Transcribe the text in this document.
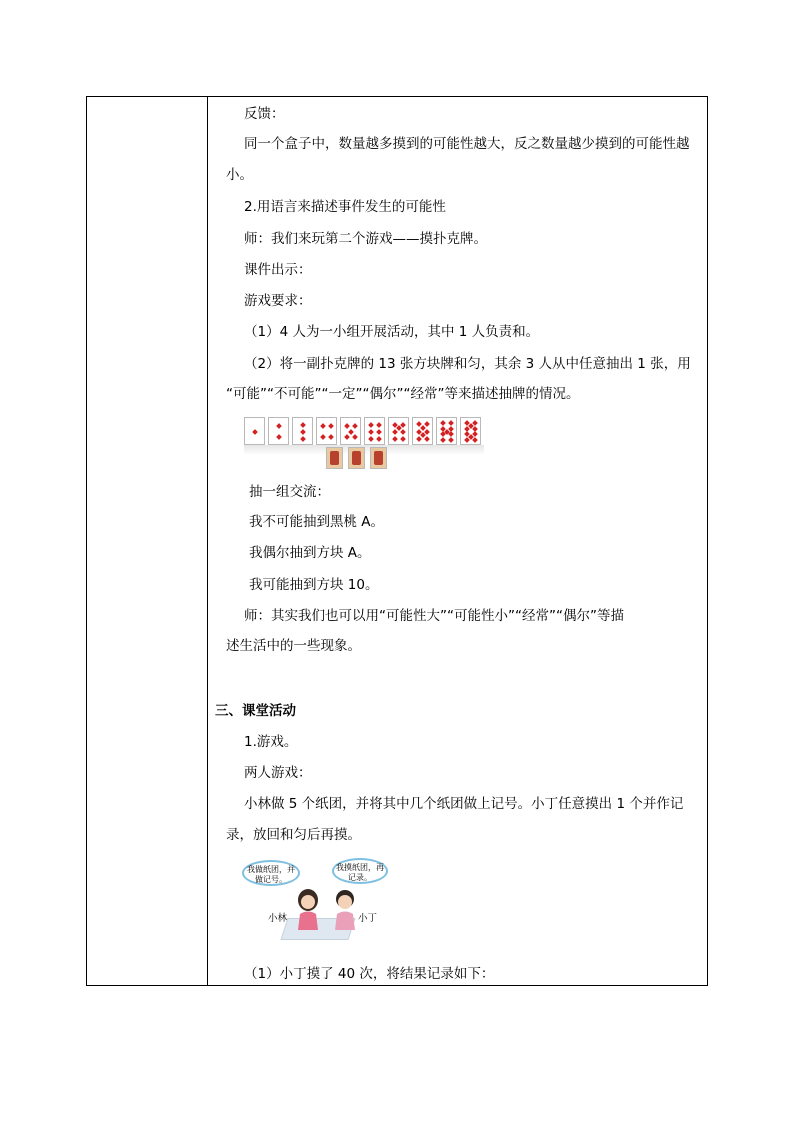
反馈：
同一个盒子中，数量越多摸到的可能性越大，反之数量越少摸到的可能性越
小。
2.用语言来描述事件发生的可能性
师：我们来玩第二个游戏——摸扑克牌。
课件出示：
游戏要求：
（1）4 人为一小组开展活动，其中 1 人负责和。
（2）将一副扑克牌的 13 张方块牌和匀，其余 3 人从中任意抽出 1 张，用
“可能”“不可能”“一定”“偶尔”“经常”等来描述抽牌的情况。
抽一组交流：
我不可能抽到黑桃 A。
我偶尔抽到方块 A。
我可能抽到方块 10。
师：其实我们也可以用“可能性大”“可能性小”“经常”“偶尔”等描
述生活中的一些现象。
三、课堂活动
1.游戏。
两人游戏：
小林做 5 个纸团，并将其中几个纸团做上记号。小丁任意摸出 1 个并作记
录，放回和匀后再摸。
我做纸团，并做记号。
我摸纸团，再记录。
小林	小丁
（1）小丁摸了 40 次，将结果记录如下：
